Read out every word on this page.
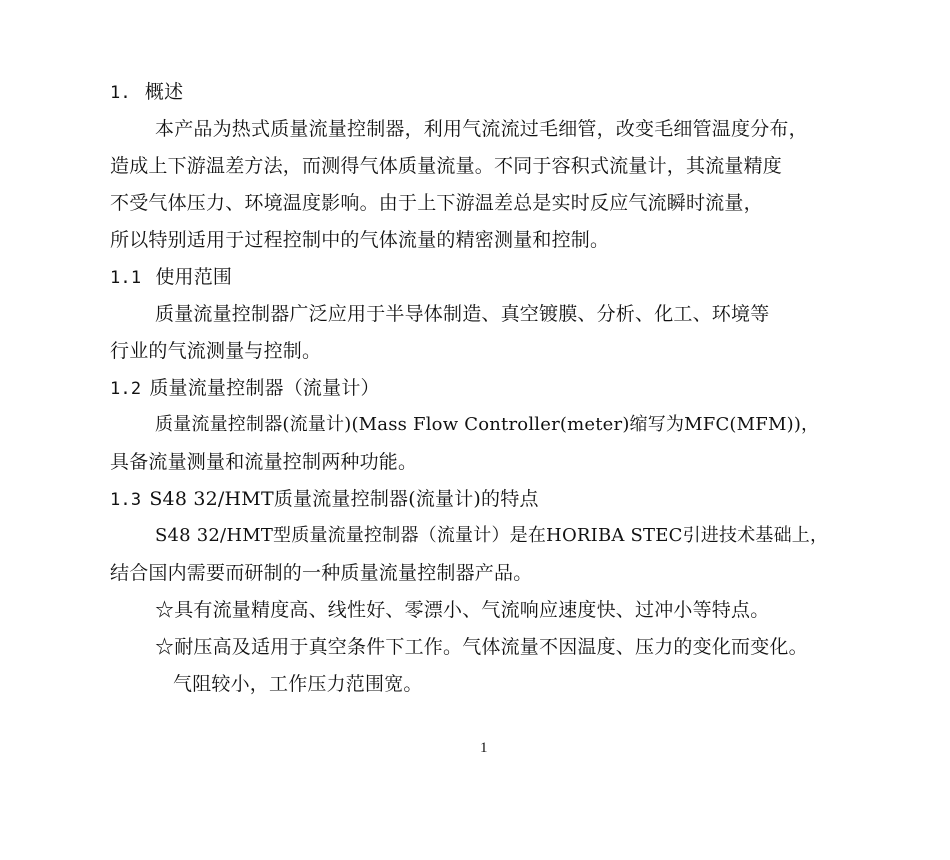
1. 概述
本产品为热式质量流量控制器，利用气流流过毛细管，改变毛细管温度分布，
造成上下游温差方法，而测得气体质量流量。不同于容积式流量计，其流量精度
不受气体压力、环境温度影响。由于上下游温差总是实时反应气流瞬时流量，
所以特别适用于过程控制中的气体流量的精密测量和控制。
1.1 使用范围
质量流量控制器广泛应用于半导体制造、真空镀膜、分析、化工、环境等
行业的气流测量与控制。
1.2 质量流量控制器（流量计）
质量流量控制器(流量计)(Mass Flow Controller(meter)缩写为MFC(MFM))，
具备流量测量和流量控制两种功能。
1.3 S48 32/HMT质量流量控制器(流量计)的特点
S48 32/HMT型质量流量控制器（流量计）是在HORIBA STEC引进技术基础上，
结合国内需要而研制的一种质量流量控制器产品。
☆具有流量精度高、线性好、零漂小、气流响应速度快、过冲小等特点。
☆耐压高及适用于真空条件下工作。气体流量不因温度、压力的变化而变化。
气阻较小，工作压力范围宽。
1
